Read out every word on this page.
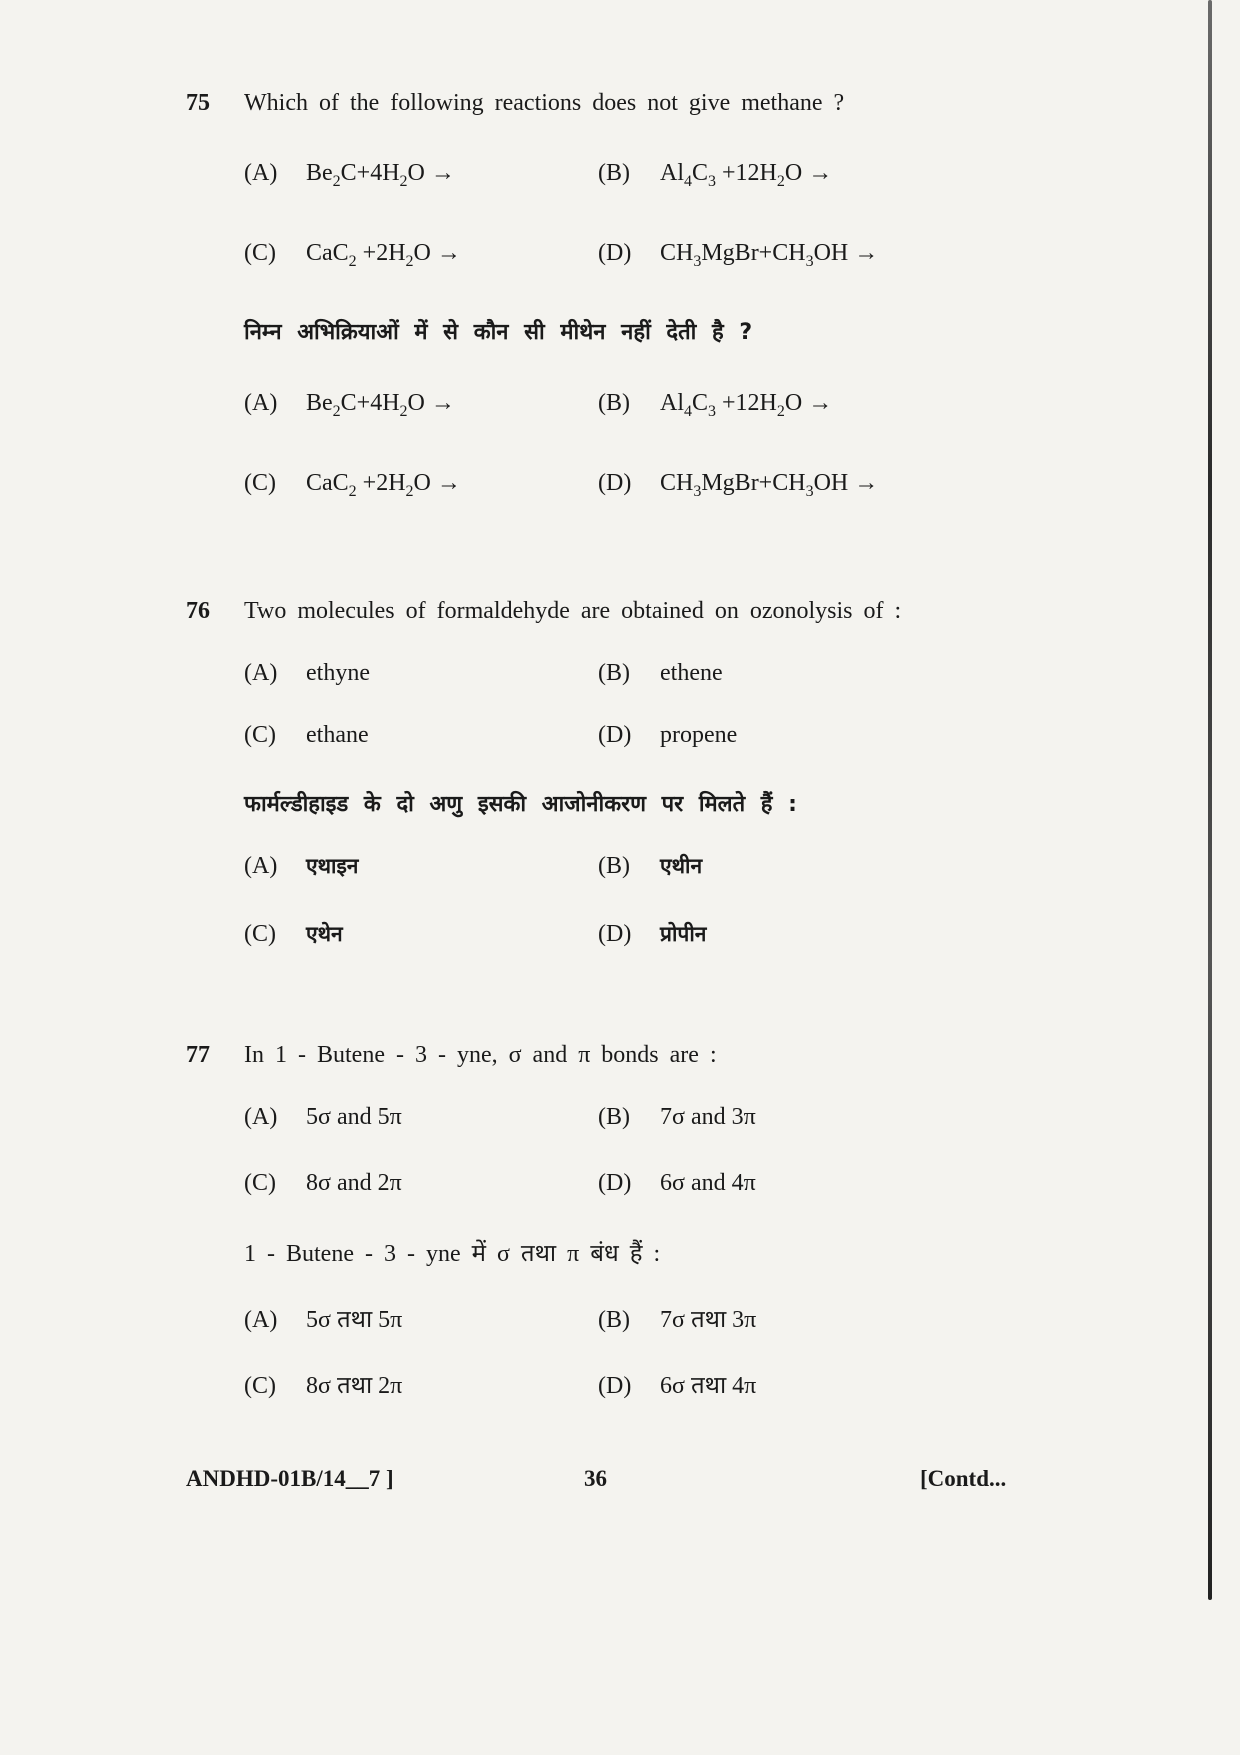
75 Which of the following reactions does not give methane ?
(A) $Be_2C+4H_2O$ →	(B) $Al_4C_3 +12H_2O$ →
(C) $CaC_2 +2H_2O$ →	(D) $CH_3MgBr+CH_3OH$ →
निम्न अभिक्रियाओं में से कौन सी मीथेन नहीं देती है ?
(A) $Be_2C+4H_2O$ →	(B) $Al_4C_3 +12H_2O$ →
(C) $CaC_2 +2H_2O$ →	(D) $CH_3MgBr+CH_3OH$ →
76 Two molecules of formaldehyde are obtained on ozonolysis of :
(A) ethyne	(B) ethene
(C) ethane	(D) propene
फार्मल्डीहाइड के दो अणु इसकी आजोनीकरण पर मिलते हैं :
(A) एथाइन	(B) एथीन
(C) एथेन	(D) प्रोपीन
77 In 1 - Butene - 3 - yne, σ and π bonds are :
(A) 5σ and 5π	(B) 7σ and 3π
(C) 8σ and 2π	(D) 6σ and 4π
1 - Butene - 3 - yne में σ तथा π बंध हैं :
(A) 5σ तथा 5π	(B) 7σ तथा 3π
(C) 8σ तथा 2π	(D) 6σ तथा 4π
ANDHD-01B/14__7 ]	36	[Contd...
